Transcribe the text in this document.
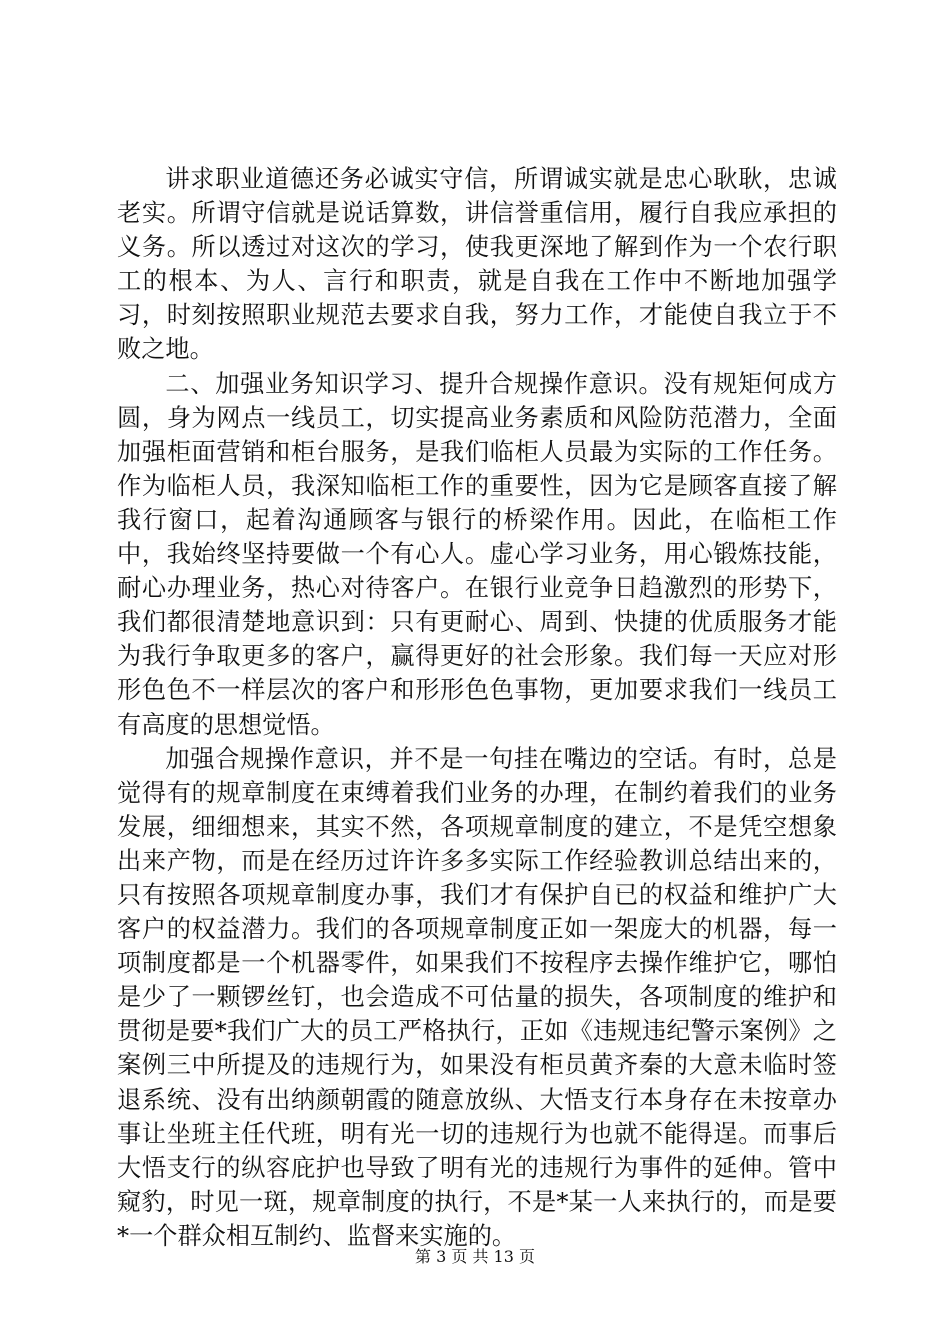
讲求职业道德还务必诚实守信，所谓诚实就是忠心耿耿，忠诚老实。所谓守信就是说话算数，讲信誉重信用，履行自我应承担的义务。所以透过对这次的学习，使我更深地了解到作为一个农行职工的根本、为人、言行和职责，就是自我在工作中不断地加强学习，时刻按照职业规范去要求自我，努力工作，才能使自我立于不败之地。

二、加强业务知识学习、提升合规操作意识。没有规矩何成方圆，身为网点一线员工，切实提高业务素质和风险防范潜力，全面加强柜面营销和柜台服务，是我们临柜人员最为实际的工作任务。作为临柜人员，我深知临柜工作的重要性，因为它是顾客直接了解我行窗口，起着沟通顾客与银行的桥梁作用。因此，在临柜工作中，我始终坚持要做一个有心人。虚心学习业务，用心锻炼技能，耐心办理业务，热心对待客户。在银行业竞争日趋激烈的形势下，我们都很清楚地意识到：只有更耐心、周到、快捷的优质服务才能为我行争取更多的客户，赢得更好的社会形象。我们每一天应对形形色色不一样层次的客户和形形色色事物，更加要求我们一线员工有高度的思想觉悟。

加强合规操作意识，并不是一句挂在嘴边的空话。有时，总是觉得有的规章制度在束缚着我们业务的办理，在制约着我们的业务发展，细细想来，其实不然，各项规章制度的建立，不是凭空想象出来产物，而是在经历过许许多多实际工作经验教训总结出来的，只有按照各项规章制度办事，我们才有保护自已的权益和维护广大客户的权益潜力。我们的各项规章制度正如一架庞大的机器，每一项制度都是一个机器零件，如果我们不按程序去操作维护它，哪怕是少了一颗锣丝钉，也会造成不可估量的损失，各项制度的维护和贯彻是要*我们广大的员工严格执行，正如《违规违纪警示案例》之案例三中所提及的违规行为，如果没有柜员黄齐秦的大意未临时签退系统、没有出纳颜朝霞的随意放纵、大悟支行本身存在未按章办事让坐班主任代班，明有光一切的违规行为也就不能得逞。而事后大悟支行的纵容庇护也导致了明有光的违规行为事件的延伸。管中窥豹，时见一斑，规章制度的执行，不是*某一人来执行的，而是要*一个群众相互制约、监督来实施的。

第 3 页 共 13 页
